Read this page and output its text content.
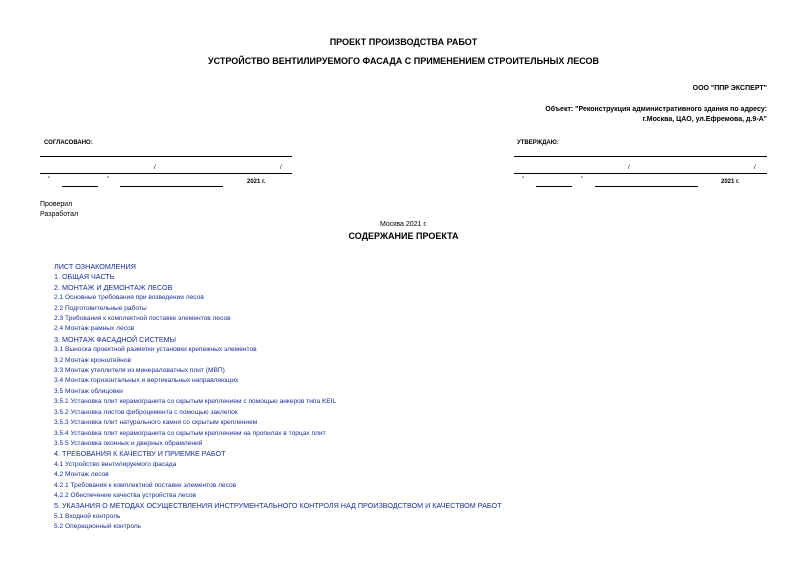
ПРОЕКТ ПРОИЗВОДСТВА РАБОТ
УСТРОЙСТВО ВЕНТИЛИРУЕМОГО ФАСАДА С ПРИМЕНЕНИЕМ СТРОИТЕЛЬНЫХ ЛЕСОВ
ООО "ППР ЭКСПЕРТ"
Объект: "Реконструкция административного здания по адресу:
г.Москва, ЦАО, ул.Ефремова, д.9-А"
СОГЛАСОВАНО:
/	/
"	"	2021 г.
УТВЕРЖДАЮ:
/	/
"	"	2021 г.
Проверил
Разработал
Москва 2021 г.
СОДЕРЖАНИЕ ПРОЕКТА
ЛИСТ ОЗНАКОМЛЕНИЯ
1. ОБЩАЯ ЧАСТЬ
2. МОНТАЖ И ДЕМОНТАЖ ЛЕСОВ
2.1 Основные требования при возведении лесов
2.2 Подготовительные работы
2.3 Требования к комплектной поставке элементов лесов
2.4 Монтаж рамных лесов
3. МОНТАЖ ФАСАДНОЙ СИСТЕМЫ
3.1 Выноска проектной разметки установки крепежных элементов
3.2 Монтаж кронштейнов
3.3 Монтаж утеплителя из минераловатных плит (МВП)
3.4 Монтаж горизонтальных и вертикальных направляющих
3.5 Монтаж облицовки
3.5.1 Установка плит керамогранита со скрытым креплением с помощью анкеров типа KEIL
3.5.2 Установка листов фиброцемента с помощью заклепок
3.5.3 Установка плит натурального камня со скрытым креплением
3.5.4 Установка плит керамогранита со скрытым креплением на пропилах в торцах плит
3.5.5 Установка оконных и дверных обрамлений
4. ТРЕБОВАНИЯ К КАЧЕСТВУ И ПРИЕМКЕ РАБОТ
4.1 Устройство вентилируемого фасада
4.2 Монтаж лесов
4.2.1 Требования к комплектной поставке элементов лесов
4.2.2 Обеспечение качества устройства лесов
5. УКАЗАНИЯ О МЕТОДАХ ОСУЩЕСТВЛЕНИЯ ИНСТРУМЕНТАЛЬНОГО КОНТРОЛЯ НАД ПРОИЗВОДСТВОМ И КАЧЕСТВОМ РАБОТ
5.1 Входной контроль
5.2 Операционный контроль
